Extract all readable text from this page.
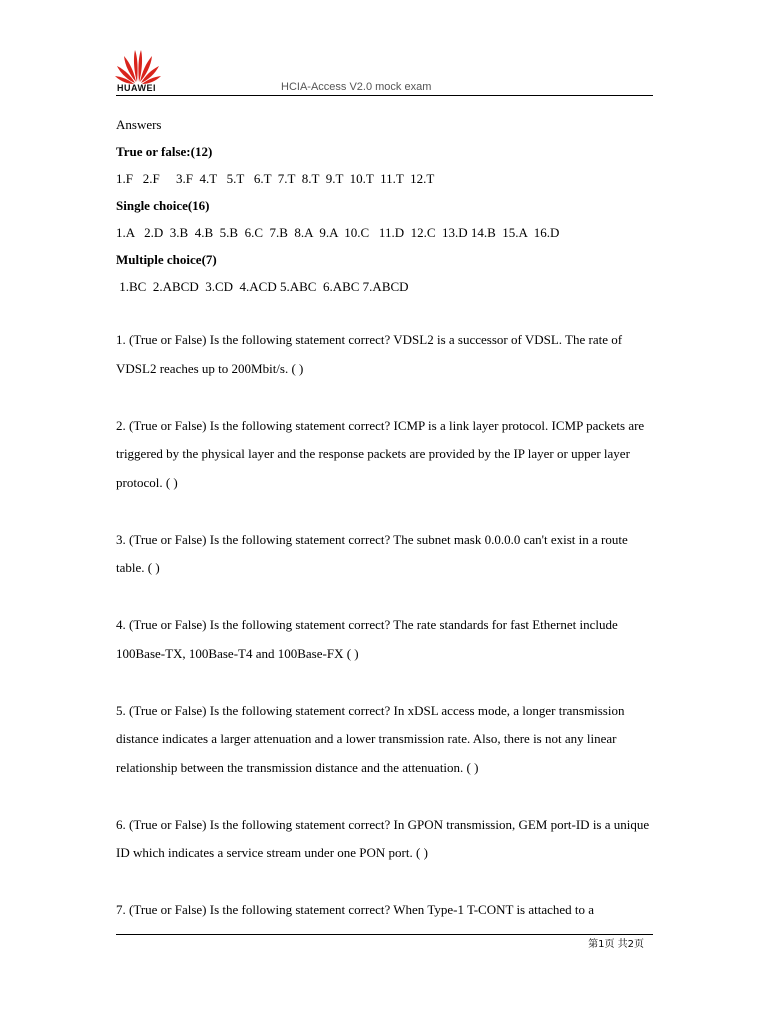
HUAWEI	HCIA-Access V2.0 mock exam

Answers

True or false:(12)

1.F   2.F     3.F  4.T   5.T   6.T  7.T  8.T  9.T  10.T  11.T  12.T

Single choice(16)

1.A   2.D  3.B  4.B  5.B  6.C  7.B  8.A  9.A  10.C   11.D  12.C  13.D 14.B  15.A  16.D

Multiple choice(7)

1.BC  2.ABCD  3.CD  4.ACD 5.ABC  6.ABC 7.ABCD

1. (True or False) Is the following statement correct? VDSL2 is a successor of VDSL. The rate of VDSL2 reaches up to 200Mbit/s. ( )

2. (True or False) Is the following statement correct? ICMP is a link layer protocol. ICMP packets are triggered by the physical layer and the response packets are provided by the IP layer or upper layer protocol. ( )

3. (True or False) Is the following statement correct? The subnet mask 0.0.0.0 can't exist in a route table. ( )

4. (True or False) Is the following statement correct? The rate standards for fast Ethernet include 100Base-TX, 100Base-T4 and 100Base-FX ( )

5. (True or False) Is the following statement correct? In xDSL access mode, a longer transmission distance indicates a larger attenuation and a lower transmission rate. Also, there is not any linear relationship between the transmission distance and the attenuation. ( )

6. (True or False) Is the following statement correct? In GPON transmission, GEM port-ID is a unique ID which indicates a service stream under one PON port. ( )

7. (True or False) Is the following statement correct? When Type-1 T-CONT is attached to a

第1页 共2页
